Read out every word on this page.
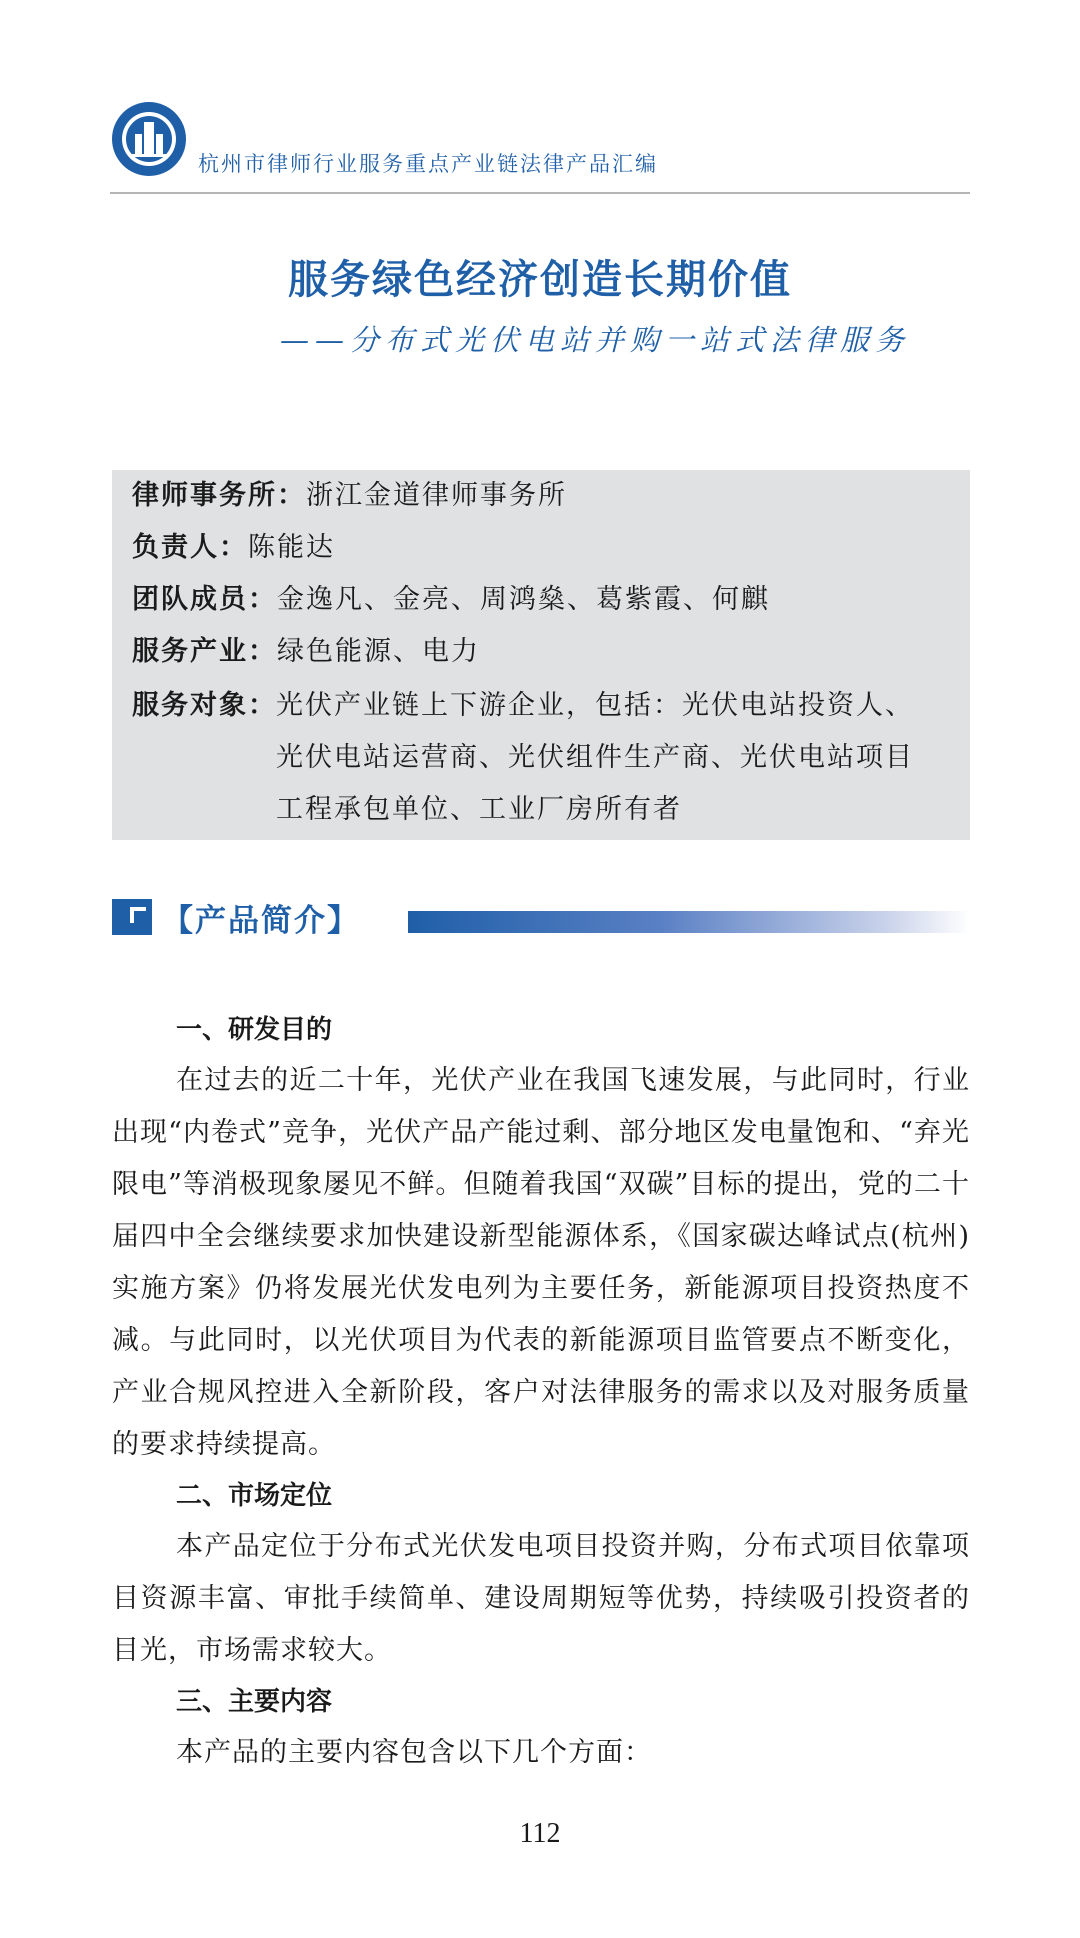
杭州市律师行业服务重点产业链法律产品汇编
服务绿色经济创造长期价值
——分布式光伏电站并购一站式法律服务
律师事务所： 浙江金道律师事务所
负责人： 陈能达
团队成员： 金逸凡、金亮、周鸿燊、葛紫霞、何麒
服务产业： 绿色能源、电力
服务对象： 光伏产业链上下游企业，包括：光伏电站投资人、
光伏电站运营商、光伏组件生产商、光伏电站项目
工程承包单位、工业厂房所有者
【产品简介】
一、研发目的

在过去的近二十年，光伏产业在我国飞速发展，与此同时，行业出现“内卷式”竞争，光伏产品产能过剩、部分地区发电量饱和、“弃光限电”等消极现象屡见不鲜。但随着我国“双碳”目标的提出，党的二十届四中全会继续要求加快建设新型能源体系，《国家碳达峰试点(杭州)实施方案》仍将发展光伏发电列为主要任务，新能源项目投资热度不减。与此同时，以光伏项目为代表的新能源项目监管要点不断变化，产业合规风控进入全新阶段，客户对法律服务的需求以及对服务质量的要求持续提高。

二、市场定位

本产品定位于分布式光伏发电项目投资并购，分布式项目依靠项目资源丰富、审批手续简单、建设周期短等优势，持续吸引投资者的目光，市场需求较大。

三、主要内容

本产品的主要内容包含以下几个方面：

112
